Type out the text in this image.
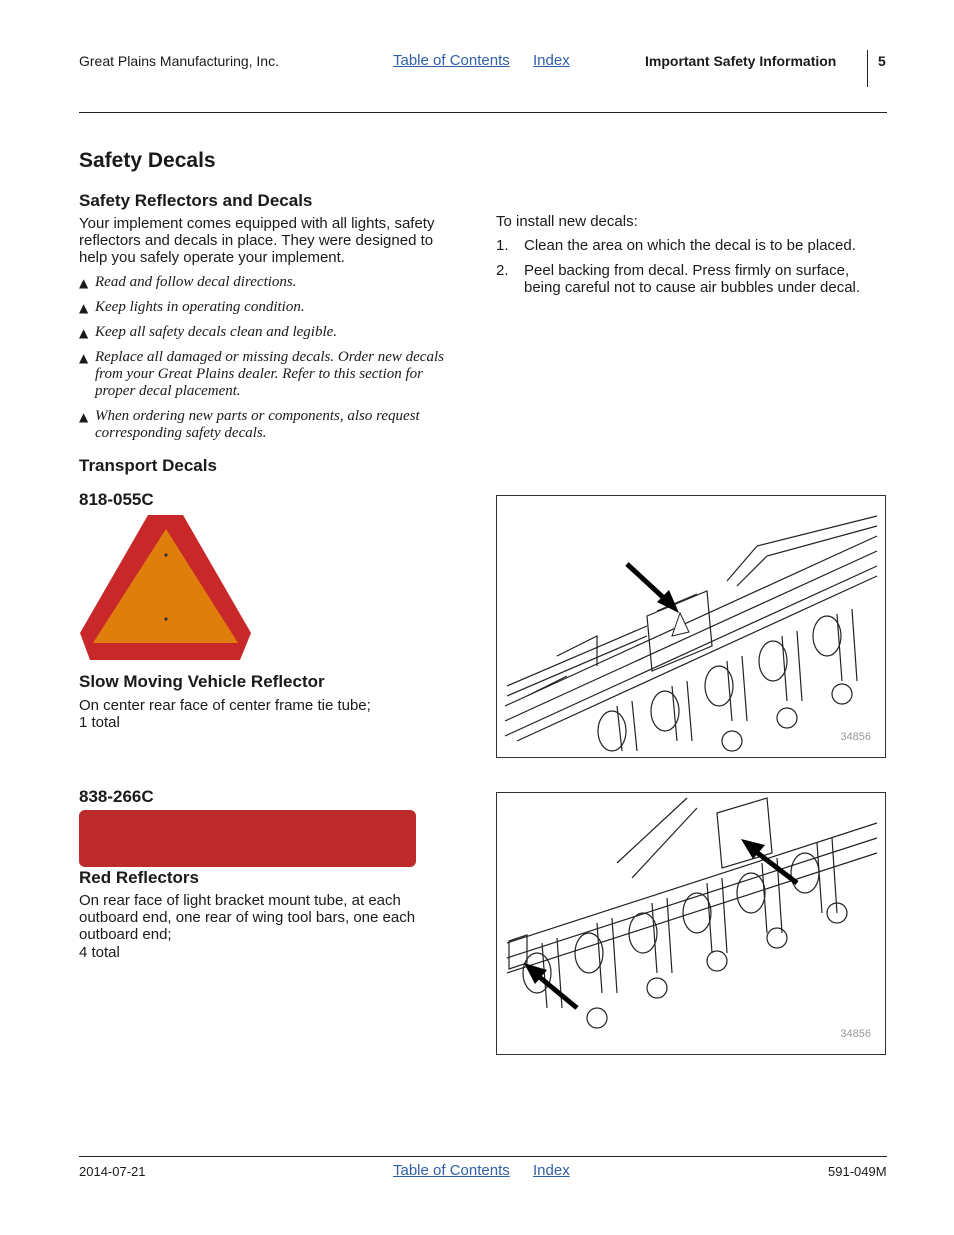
Great Plains Manufacturing, Inc.	Table of Contents Index	Important Safety Information	5
Safety Decals
Safety Reflectors and Decals
Your implement comes equipped with all lights, safety reflectors and decals in place. They were designed to help you safely operate your implement.
▲ Read and follow decal directions.
▲ Keep lights in operating condition.
▲ Keep all safety decals clean and legible.
▲ Replace all damaged or missing decals. Order new decals from your Great Plains dealer. Refer to this section for proper decal placement.
▲ When ordering new parts or components, also request corresponding safety decals.
To install new decals:
1.	Clean the area on which the decal is to be placed.
2.	Peel backing from decal. Press firmly on surface, being careful not to cause air bubbles under decal.
Transport Decals
818-055C
Slow Moving Vehicle Reflector
On center rear face of center frame tie tube;
1 total
838-266C
Red Reflectors
On rear face of light bracket mount tube, at each outboard end, one rear of wing tool bars, one each outboard end;
4 total
34856
34856
2014-07-21	Table of Contents Index	591-049M
